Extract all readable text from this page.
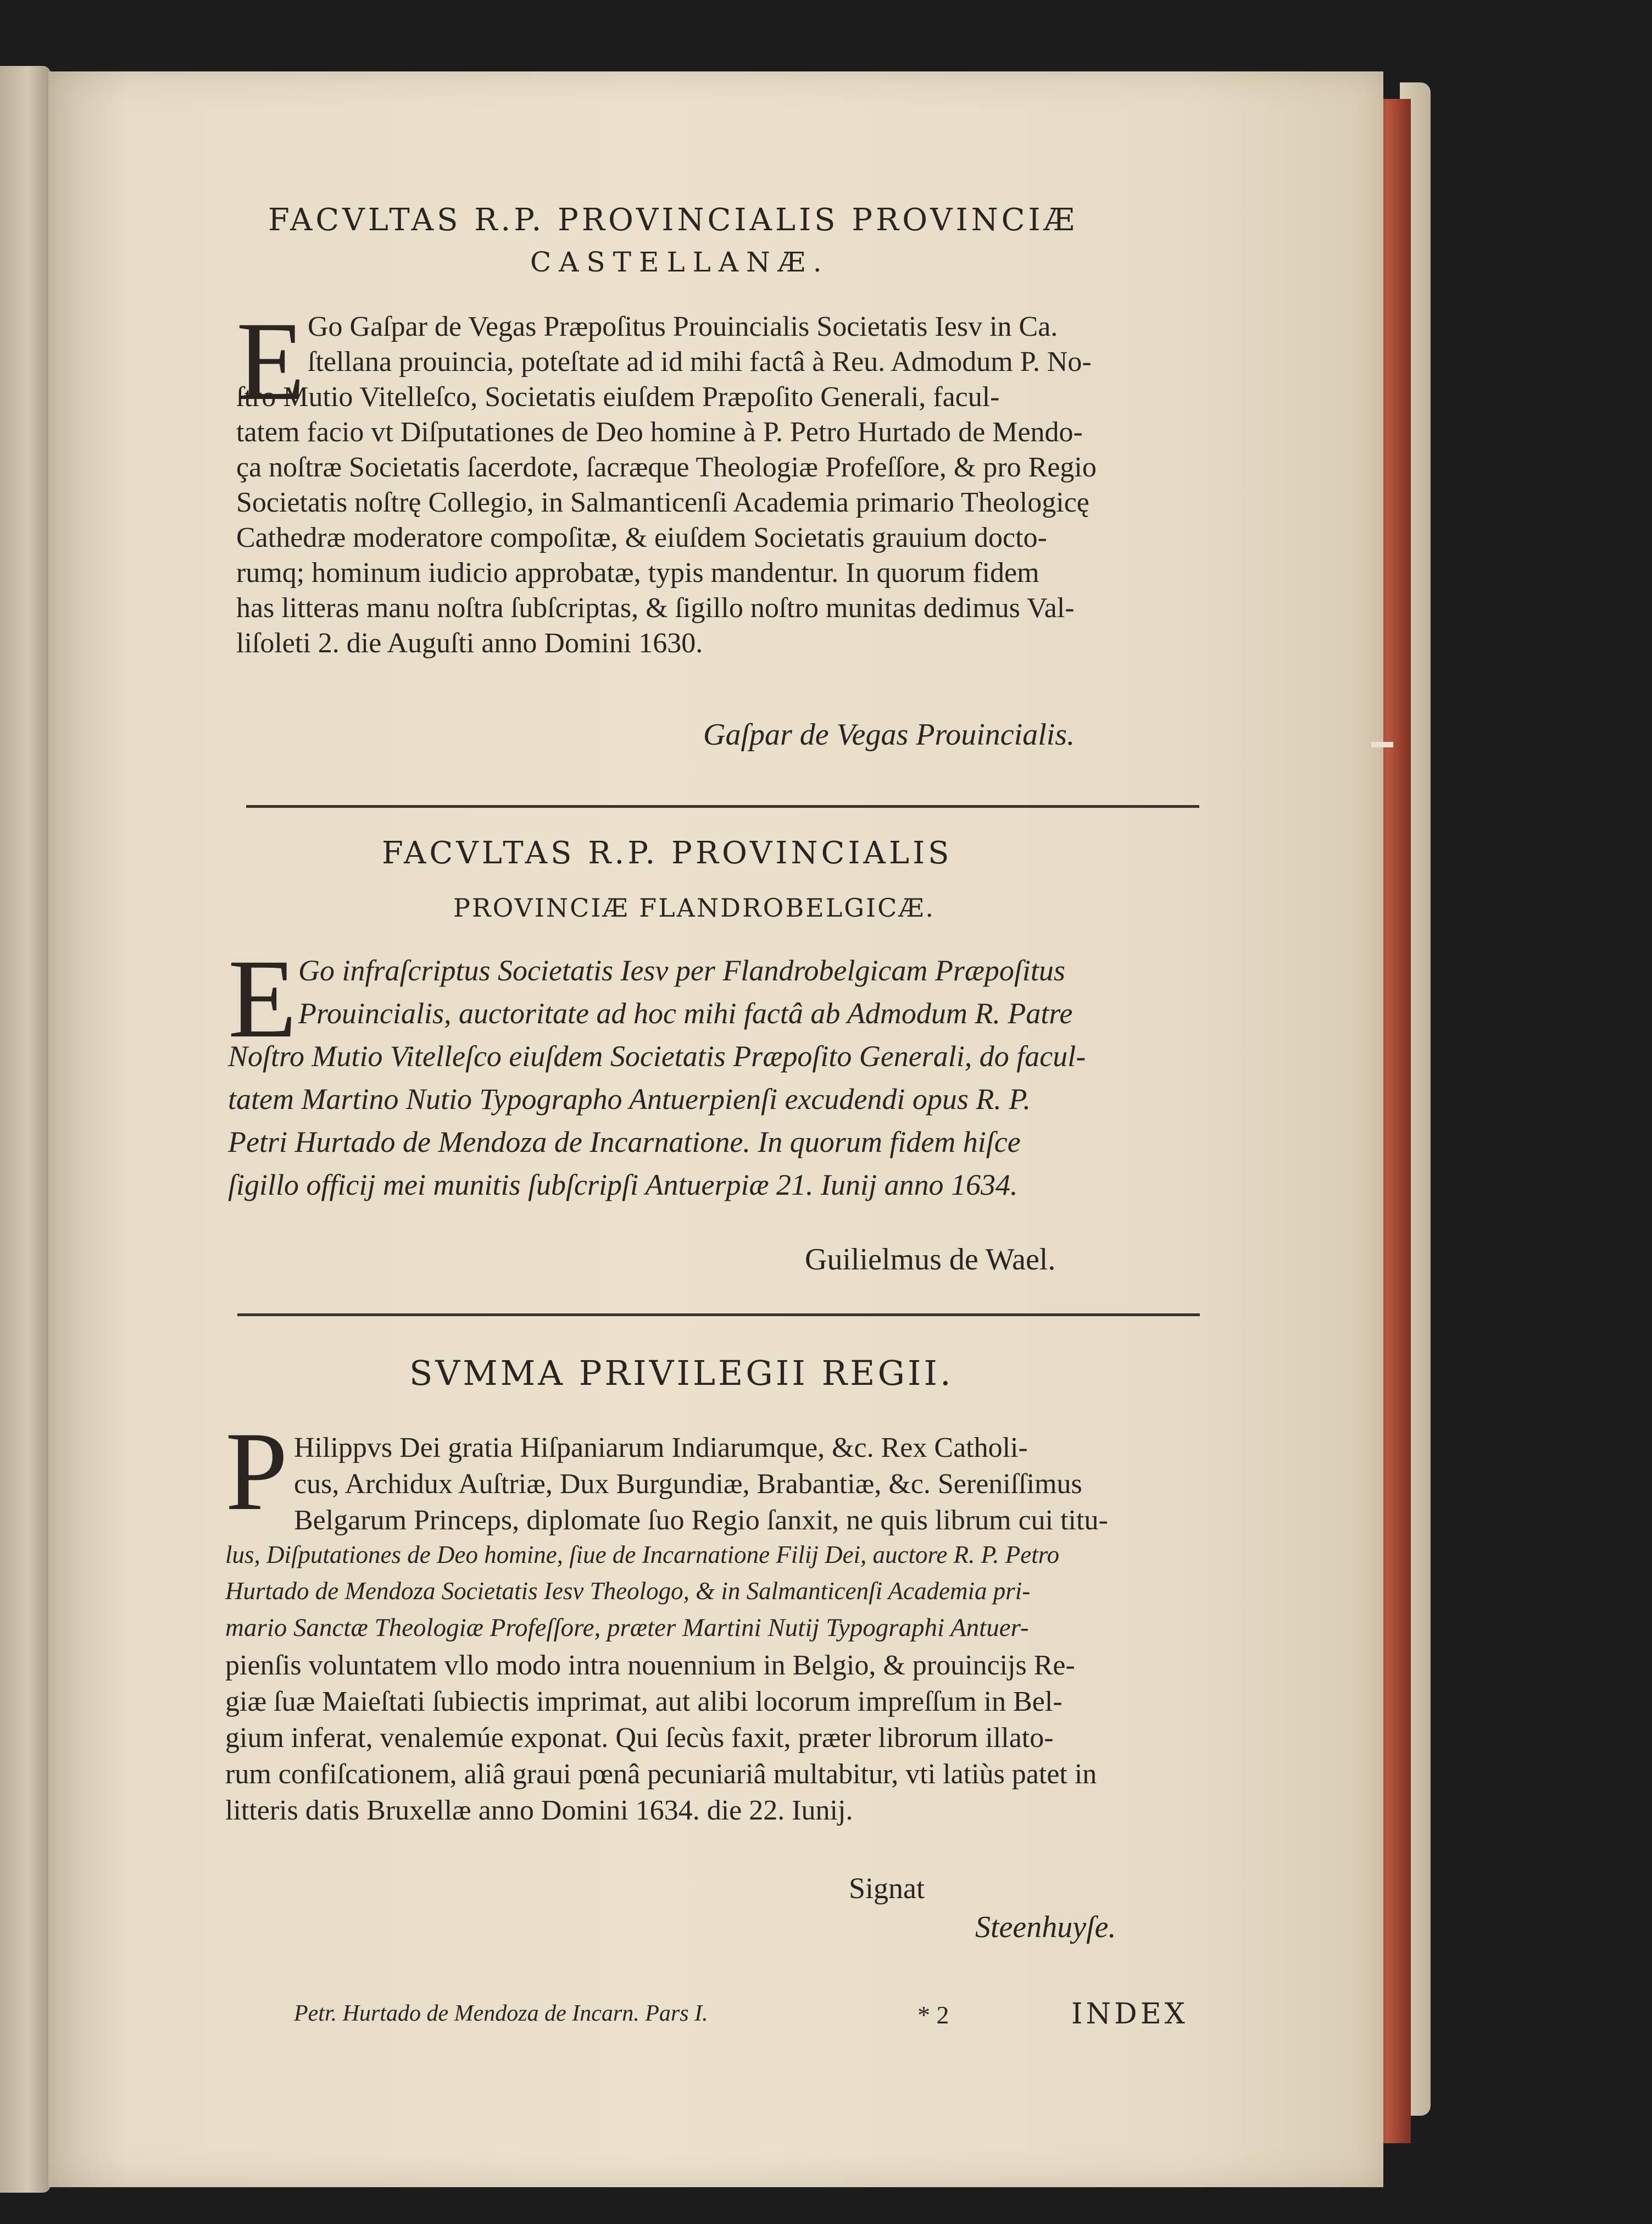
FACVLTAS R.P. PROVINCIALIS PROVINCIÆ
CASTELLANÆ.
E Go Gaſpar de Vegas Præpoſitus Prouincialis Societatis Iesv in Ca.
ſtellana prouincia, poteſtate ad id mihi factâ à Reu. Admodum P. No-
ſtro Mutio Vitelleſco, Societatis eiuſdem Præpoſito Generali, facul-
tatem facio vt Diſputationes de Deo homine à P. Petro Hurtado de Mendo-
ça noſtræ Societatis ſacerdote, ſacræque Theologiæ Profeſſore, & pro Regio
Societatis noſtrę Collegio, in Salmanticenſi Academia primario Theologicę
Cathedræ moderatore compoſitæ, & eiuſdem Societatis grauium docto-
rumq; hominum iudicio approbatæ, typis mandentur. In quorum fidem
has litteras manu noſtra ſubſcriptas, & ſigillo noſtro munitas dedimus Val-
liſoleti 2. die Auguſti anno Domini 1630.
Gaſpar de Vegas Prouincialis.
FACVLTAS R.P. PROVINCIALIS
PROVINCIÆ FLANDROBELGICÆ.
E Go infraſcriptus Societatis Iesv per Flandrobelgicam Præpoſitus
Prouincialis, auctoritate ad hoc mihi factâ ab Admodum R. Patre
Noſtro Mutio Vitelleſco eiuſdem Societatis Præpoſito Generali, do facul-
tatem Martino Nutio Typographo Antuerpienſi excudendi opus R. P.
Petri Hurtado de Mendoza de Incarnatione. In quorum fidem hiſce
ſigillo officij mei munitis ſubſcripſi Antuerpiæ 21. Iunij anno 1634.
Guilielmus de Wael.
SVMMA PRIVILEGII REGII.
P Hilippvs Dei gratia Hiſpaniarum Indiarumque, &c. Rex Catholi-
cus, Archidux Auſtriæ, Dux Burgundiæ, Brabantiæ, &c. Sereniſſimus
Belgarum Princeps, diplomate ſuo Regio ſanxit, ne quis librum cui titu-
lus, Diſputationes de Deo homine, ſiue de Incarnatione Filij Dei, auctore R. P. Petro
Hurtado de Mendoza Societatis Iesv Theologo, & in Salmanticenſi Academia pri-
mario Sanctæ Theologiæ Profeſſore, præter Martini Nutij Typographi Antuer-
pienſis voluntatem vllo modo intra nouennium in Belgio, & prouincijs Re-
giæ ſuæ Maieſtati ſubiectis imprimat, aut alibi locorum impreſſum in Bel-
gium inferat, venalemúe exponat. Qui ſecùs faxit, præter librorum illato-
rum confiſcationem, aliâ graui pœnâ pecuniariâ multabitur, vti latiùs patet in
litteris datis Bruxellæ anno Domini 1634. die 22. Iunij.
Signat
Steenhuyſe.
Petr. Hurtado de Mendoza de Incarn. Pars I.	* 2	INDEX
